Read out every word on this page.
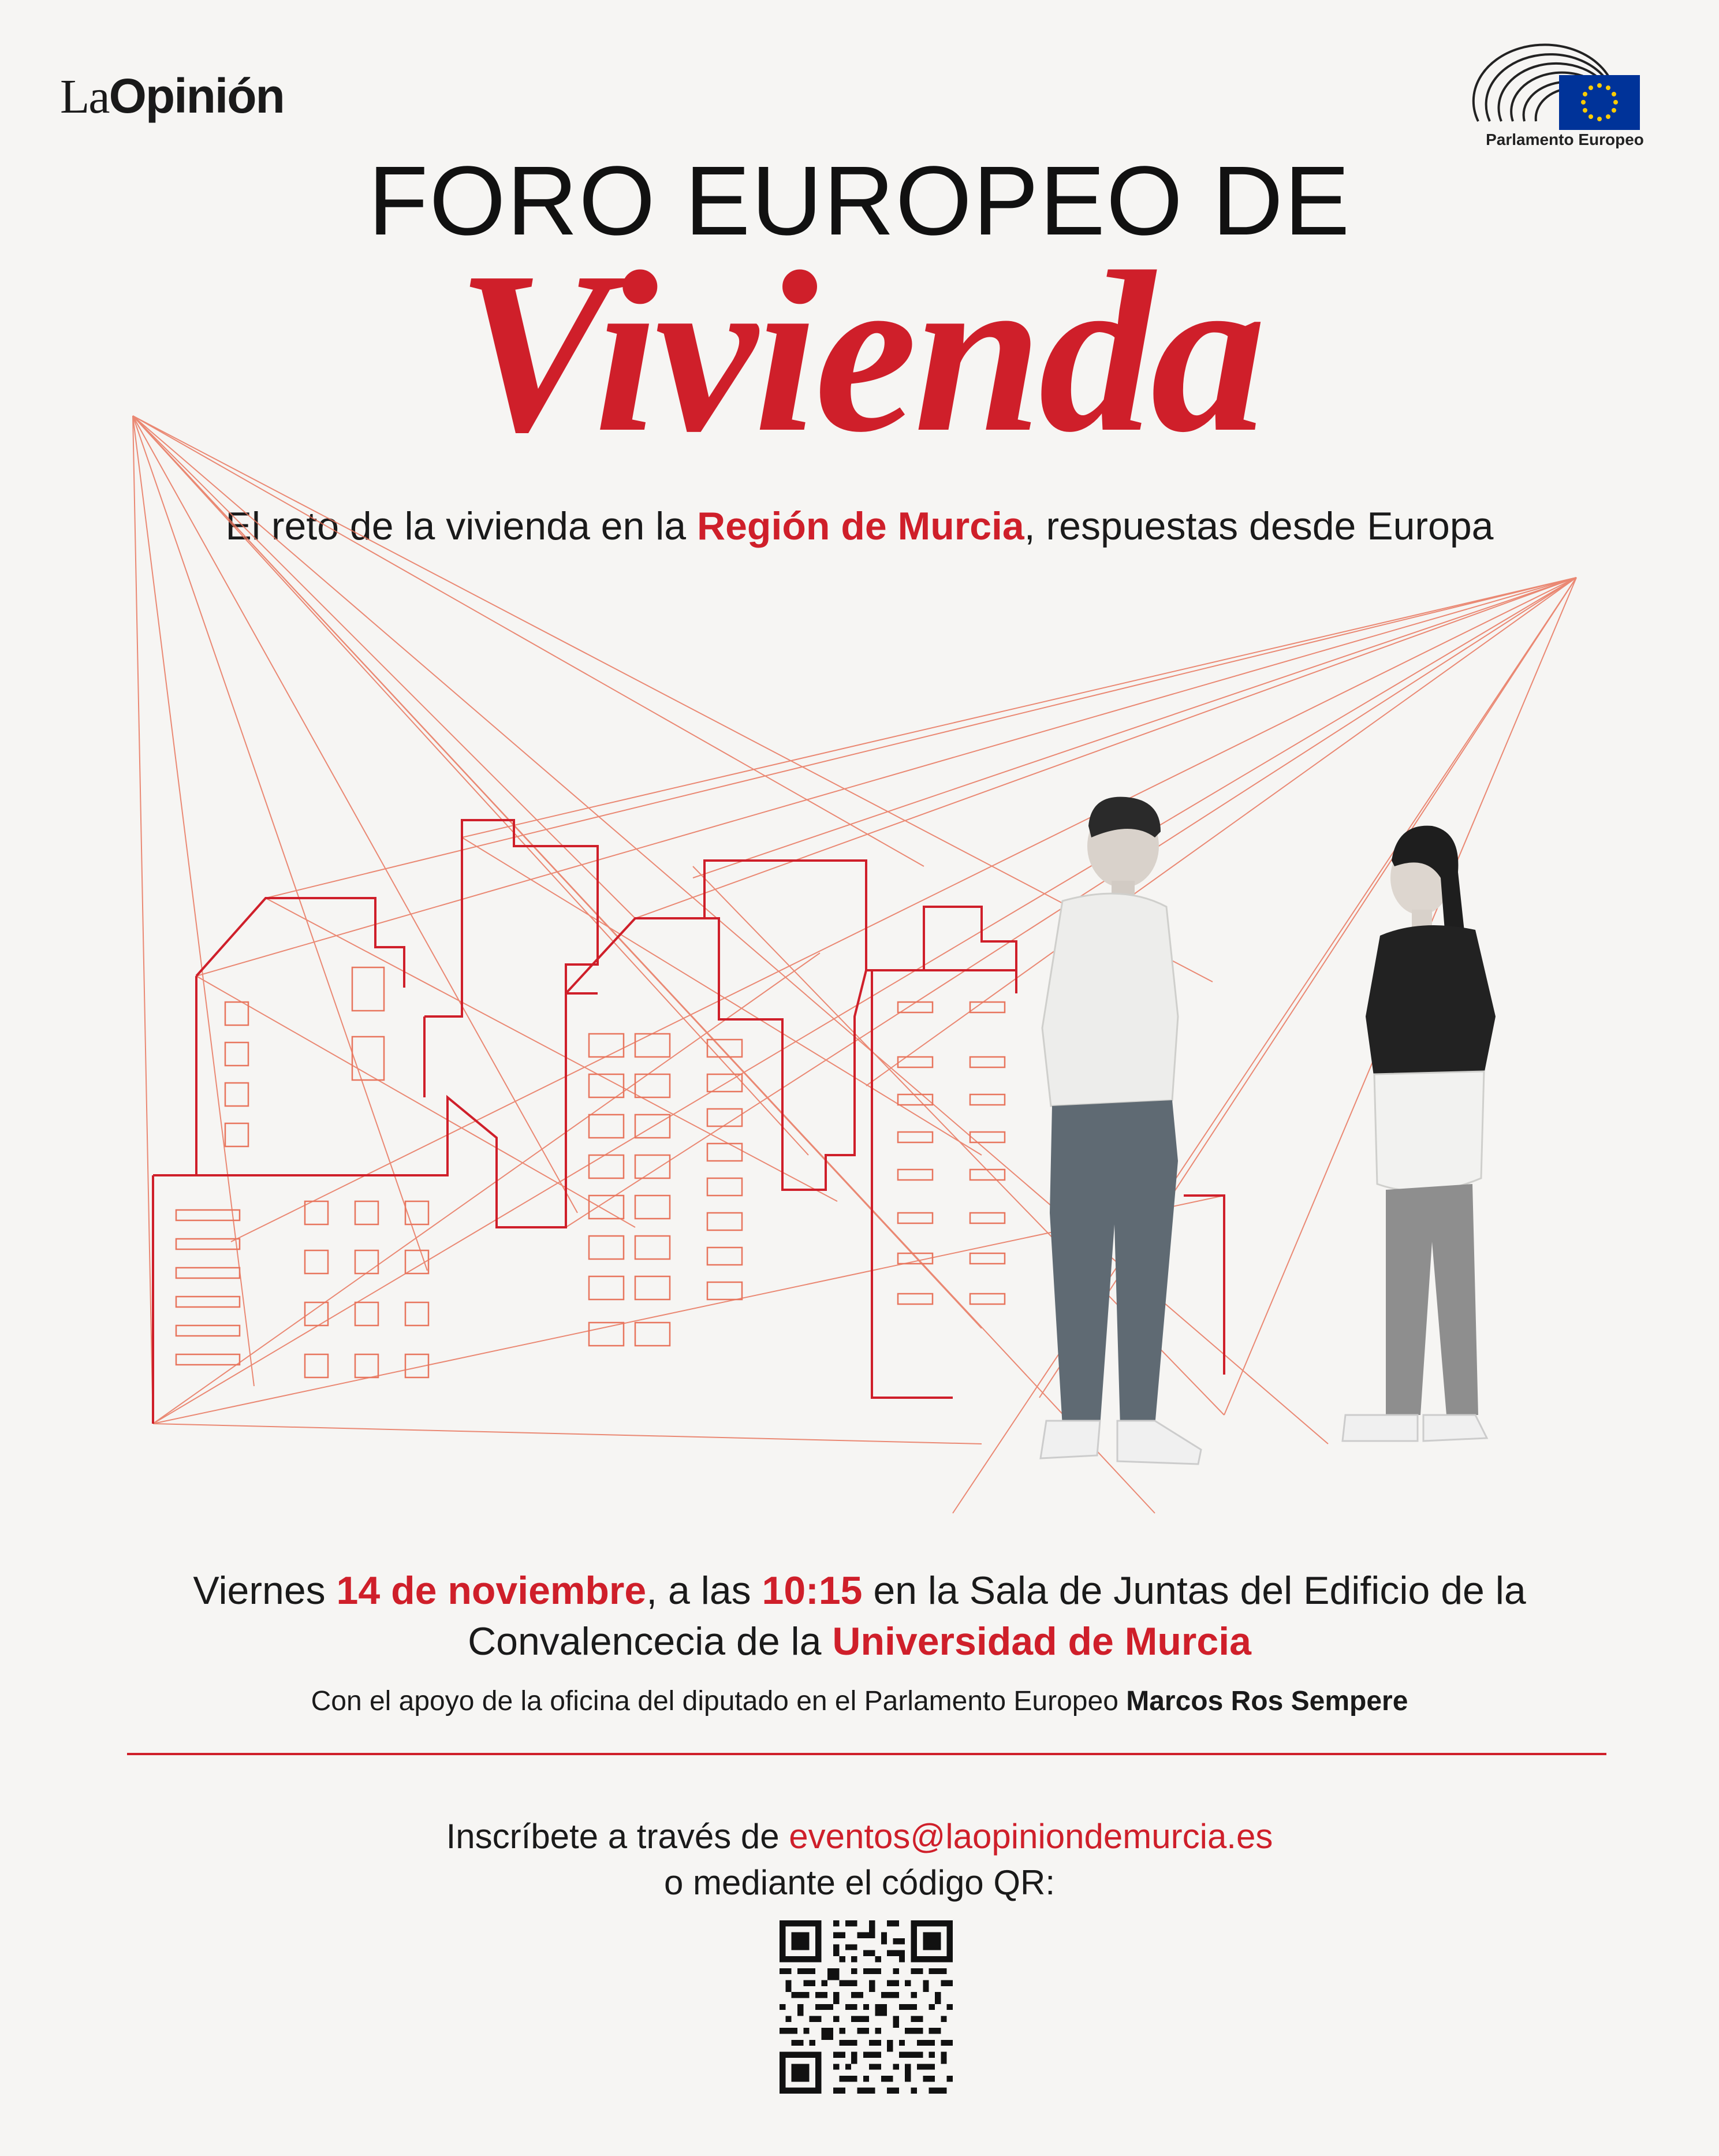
LaOpinión
Parlamento Europeo
FORO EUROPEO DE
Vivienda
El reto de la vivienda en la Región de Murcia, respuestas desde Europa
Viernes 14 de noviembre, a las 10:15 en la Sala de Juntas del Edificio de la
Convalencecia de la Universidad de Murcia
Con el apoyo de la oficina del diputado en el Parlamento Europeo Marcos Ros Sempere
Inscríbete a través de eventos@laopiniondemurcia.es
o mediante el código QR:
